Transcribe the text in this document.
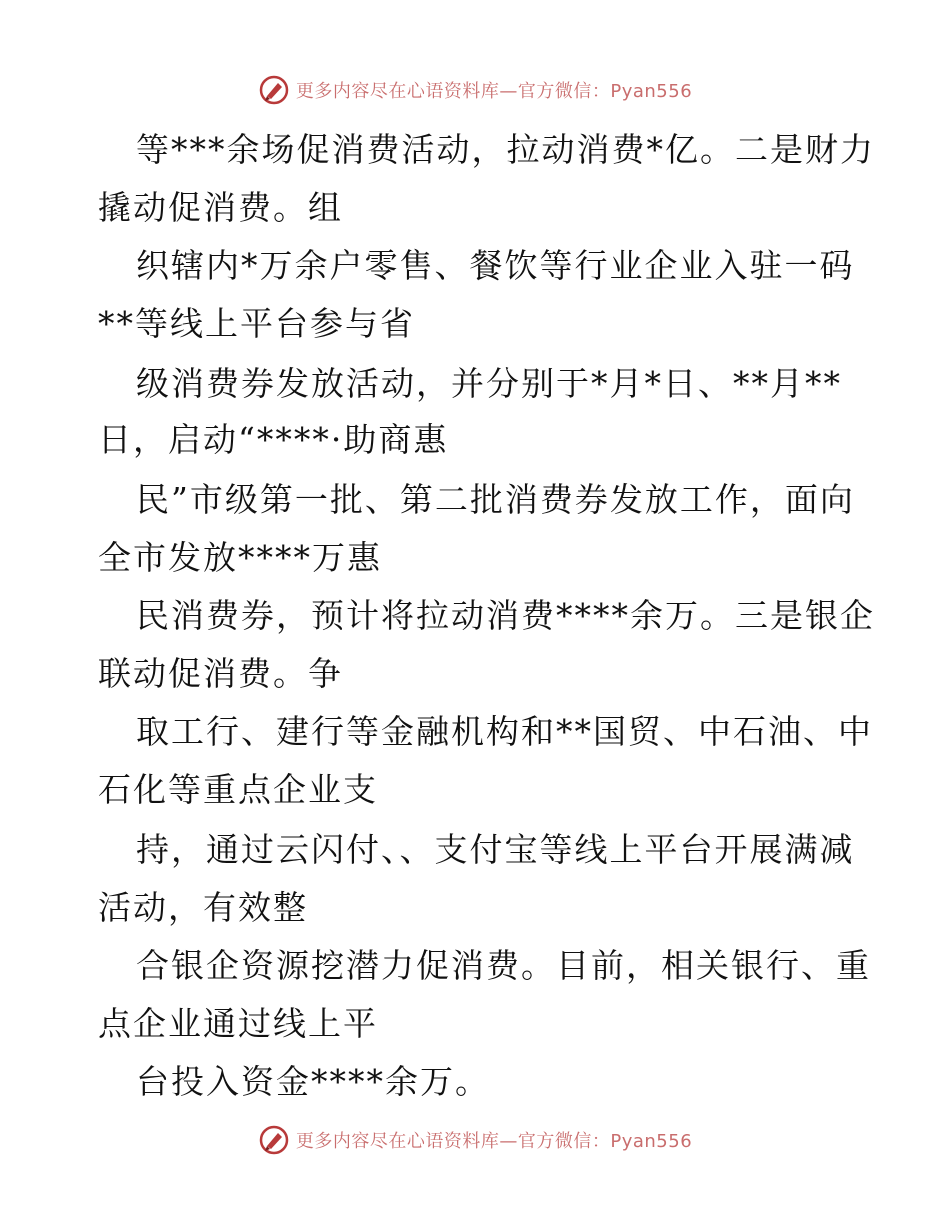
更多内容尽在心语资料库—官方微信：Pyan556
等***余场促消费活动，拉动消费*亿。二是财力
撬动促消费。组
织辖内*万余户零售、餐饮等行业企业入驻一码
**等线上平台参与省
级消费券发放活动，并分别于*月*日、**月**
日，启动“****·助商惠
民”市级第一批、第二批消费券发放工作，面向
全市发放****万惠
民消费券，预计将拉动消费****余万。三是银企
联动促消费。争
取工行、建行等金融机构和**国贸、中石油、中
石化等重点企业支
持，通过云闪付、、支付宝等线上平台开展满减
活动，有效整
合银企资源挖潜力促消费。目前，相关银行、重
点企业通过线上平
台投入资金****余万。
更多内容尽在心语资料库—官方微信：Pyan556
